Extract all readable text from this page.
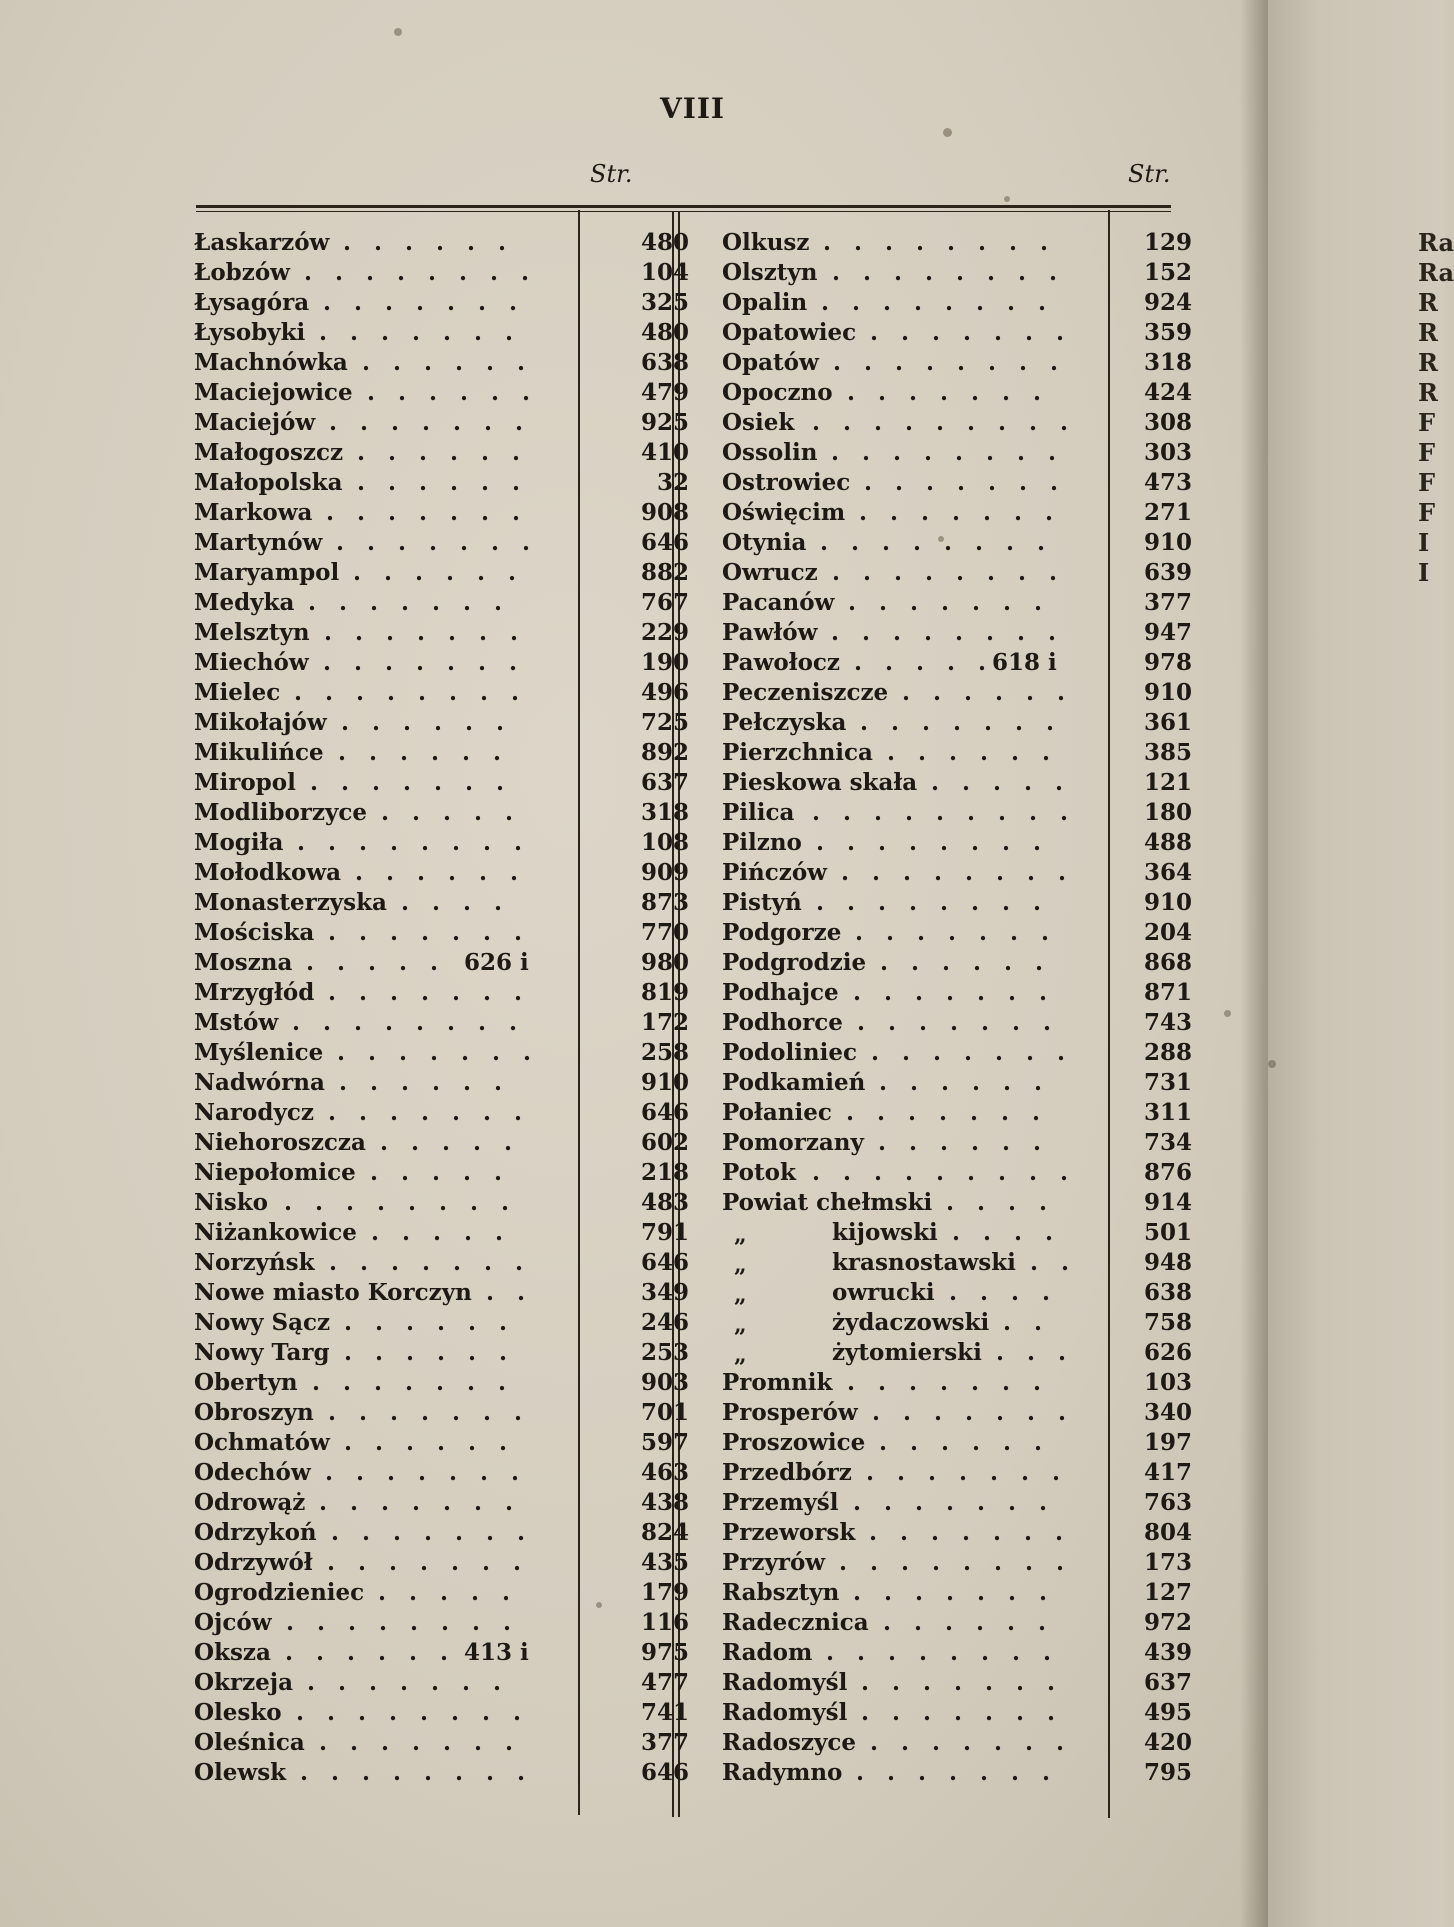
VIII
Str.	Str.
Łaskarzów	480
. . . . . .
Łobzów	104
. . . . . . . .
Łysagóra	325
. . . . . . .
Łysobyki	480
. . . . . . .
Machnówka	638
. . . . . .
Maciejowice	479
. . . . . .
Maciejów	925
. . . . . . .
Małogoszcz	410
. . . . . .
Małopolska	32
. . . . . .
Markowa	908
. . . . . . .
Martynów	646
. . . . . . .
Maryampol	882
. . . . . .
Medyka	767
. . . . . . .
Melsztyn	229
. . . . . . .
Miechów	190
. . . . . . .
Mielec	496
. . . . . . . .
Mikołajów	725
. . . . . .
Mikulińce	892
. . . . . .
Miropol	637
. . . . . . .
Modliborzyce	318
. . . . .
Mogiła	108
. . . . . . . .
Mołodkowa	909
. . . . . .
Monasterzyska	873
. . . .
Mościska	770
. . . . . . .
Moszna	626 i	980
. . . . .
Mrzygłód	819
. . . . . . .
Mstów	172
. . . . . . . .
Myślenice	258
. . . . . . .
Nadwórna	910
. . . . . .
Narodycz	646
. . . . . . .
Niehoroszcza	602
. . . . .
Niepołomice	218
. . . . .
Nisko	483
. . . . . . . .
Niżankowice	791
. . . . .
Norzyńsk	646
. . . . . . .
Nowe miasto Korczyn	349
. .
Nowy Sącz	246
. . . . . .
Nowy Targ	253
. . . . . .
Obertyn	903
. . . . . . .
Obroszyn	701
. . . . . . .
Ochmatów	597
. . . . . .
Odechów	463
. . . . . . .
Odrowąż	438
. . . . . . .
Odrzykoń	824
. . . . . . .
Odrzywół	435
. . . . . . .
Ogrodzieniec	179
. . . . .
Ojców	116
. . . . . . . .
Oksza	413 i	975
. . . . . .
Okrzeja	477
. . . . . . .
Olesko	741
. . . . . . . .
Oleśnica	377
. . . . . . .
Olewsk	646
. . . . . . . .
Olkusz	129
. . . . . . . .
Olsztyn	152
. . . . . . . .
Opalin	924
. . . . . . . .
Opatowiec	359
. . . . . . .
Opatów	318
. . . . . . . .
Opoczno	424
. . . . . . .
Osiek	308
. . . . . . . . .
Ossolin	303
. . . . . . . .
Ostrowiec	473
. . . . . . .
Oświęcim	271
. . . . . . .
Otynia	910
. . . . . . . .
Owrucz	639
. . . . . . . .
Pacanów	377
. . . . . . .
Pawłów	947
. . . . . . . .
Pawołocz	618 i	978
. . . . .
Peczeniszcze	910
. . . . . .
Pełczyska	361
. . . . . . .
Pierzchnica	385
. . . . . .
Pieskowa skała	121
. . . . .
Pilica	180
. . . . . . . . .
Pilzno	488
. . . . . . . .
Pińczów	364
. . . . . . . .
Pistyń	910
. . . . . . . .
Podgorze	204
. . . . . . .
Podgrodzie	868
. . . . . .
Podhajce	871
. . . . . . .
Podhorce	743
. . . . . . .
Podoliniec	288
. . . . . . .
Podkamień	731
. . . . . .
Połaniec	311
. . . . . . .
Pomorzany	734
. . . . . .
Potok	876
. . . . . . . . .
Powiat chełmski	914
. . . .
„	kijowski	501
. . . .
„	krasnostawski	948
. .
„	owrucki	638
. . . .
„	żydaczowski	758
. .
„	żytomierski	626
. . .
Promnik	103
. . . . . . .
Prosperów	340
. . . . . . .
Proszowice	197
. . . . . .
Przedbórz	417
. . . . . . .
Przemyśl	763
. . . . . . .
Przeworsk	804
. . . . . . .
Przyrów	173
. . . . . . . .
Rabsztyn	127
. . . . . . .
Radecznica	972
. . . . . .
Radom	439
. . . . . . . .
Radomyśl	637
. . . . . . .
Radomyśl	495
. . . . . . .
Radoszyce	420
. . . . . . .
Radymno	795
. . . . . . .
Ra
Ra
R
R
R
R
F
F
F
F
I
I
